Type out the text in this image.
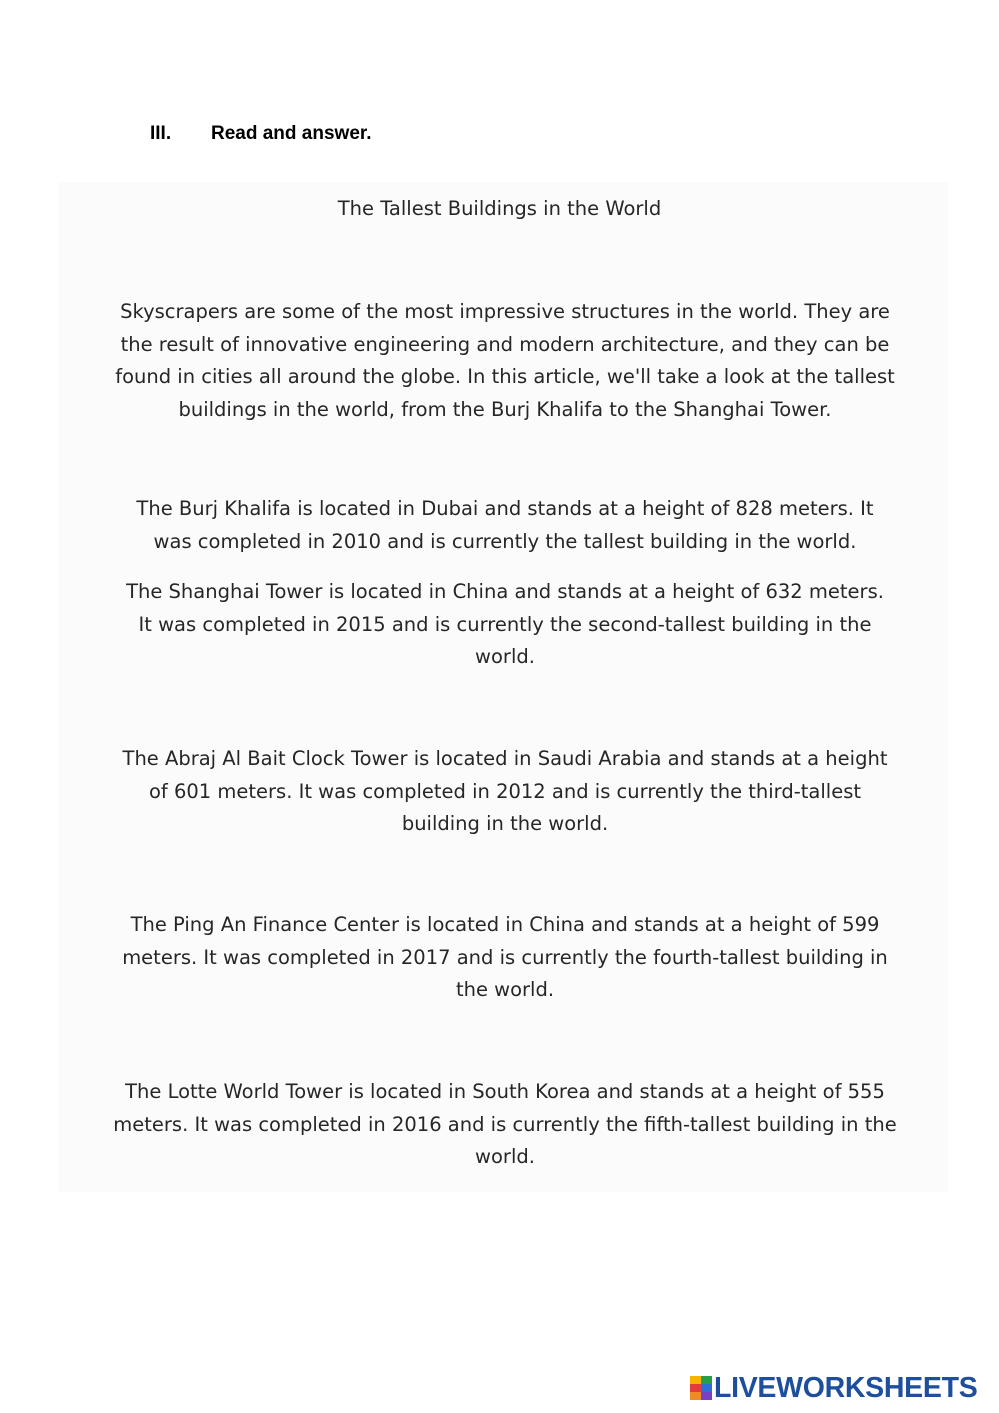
III. Read and answer.
The Tallest Buildings in the World
Skyscrapers are some of the most impressive structures in the world. They are
the result of innovative engineering and modern architecture, and they can be
found in cities all around the globe. In this article, we'll take a look at the tallest
buildings in the world, from the Burj Khalifa to the Shanghai Tower.
The Burj Khalifa is located in Dubai and stands at a height of 828 meters. It
was completed in 2010 and is currently the tallest building in the world.
The Shanghai Tower is located in China and stands at a height of 632 meters.
It was completed in 2015 and is currently the second-tallest building in the
world.
The Abraj Al Bait Clock Tower is located in Saudi Arabia and stands at a height
of 601 meters. It was completed in 2012 and is currently the third-tallest
building in the world.
The Ping An Finance Center is located in China and stands at a height of 599
meters. It was completed in 2017 and is currently the fourth-tallest building in
the world.
The Lotte World Tower is located in South Korea and stands at a height of 555
meters. It was completed in 2016 and is currently the fifth-tallest building in the
world.
LIVEWORKSHEETS
